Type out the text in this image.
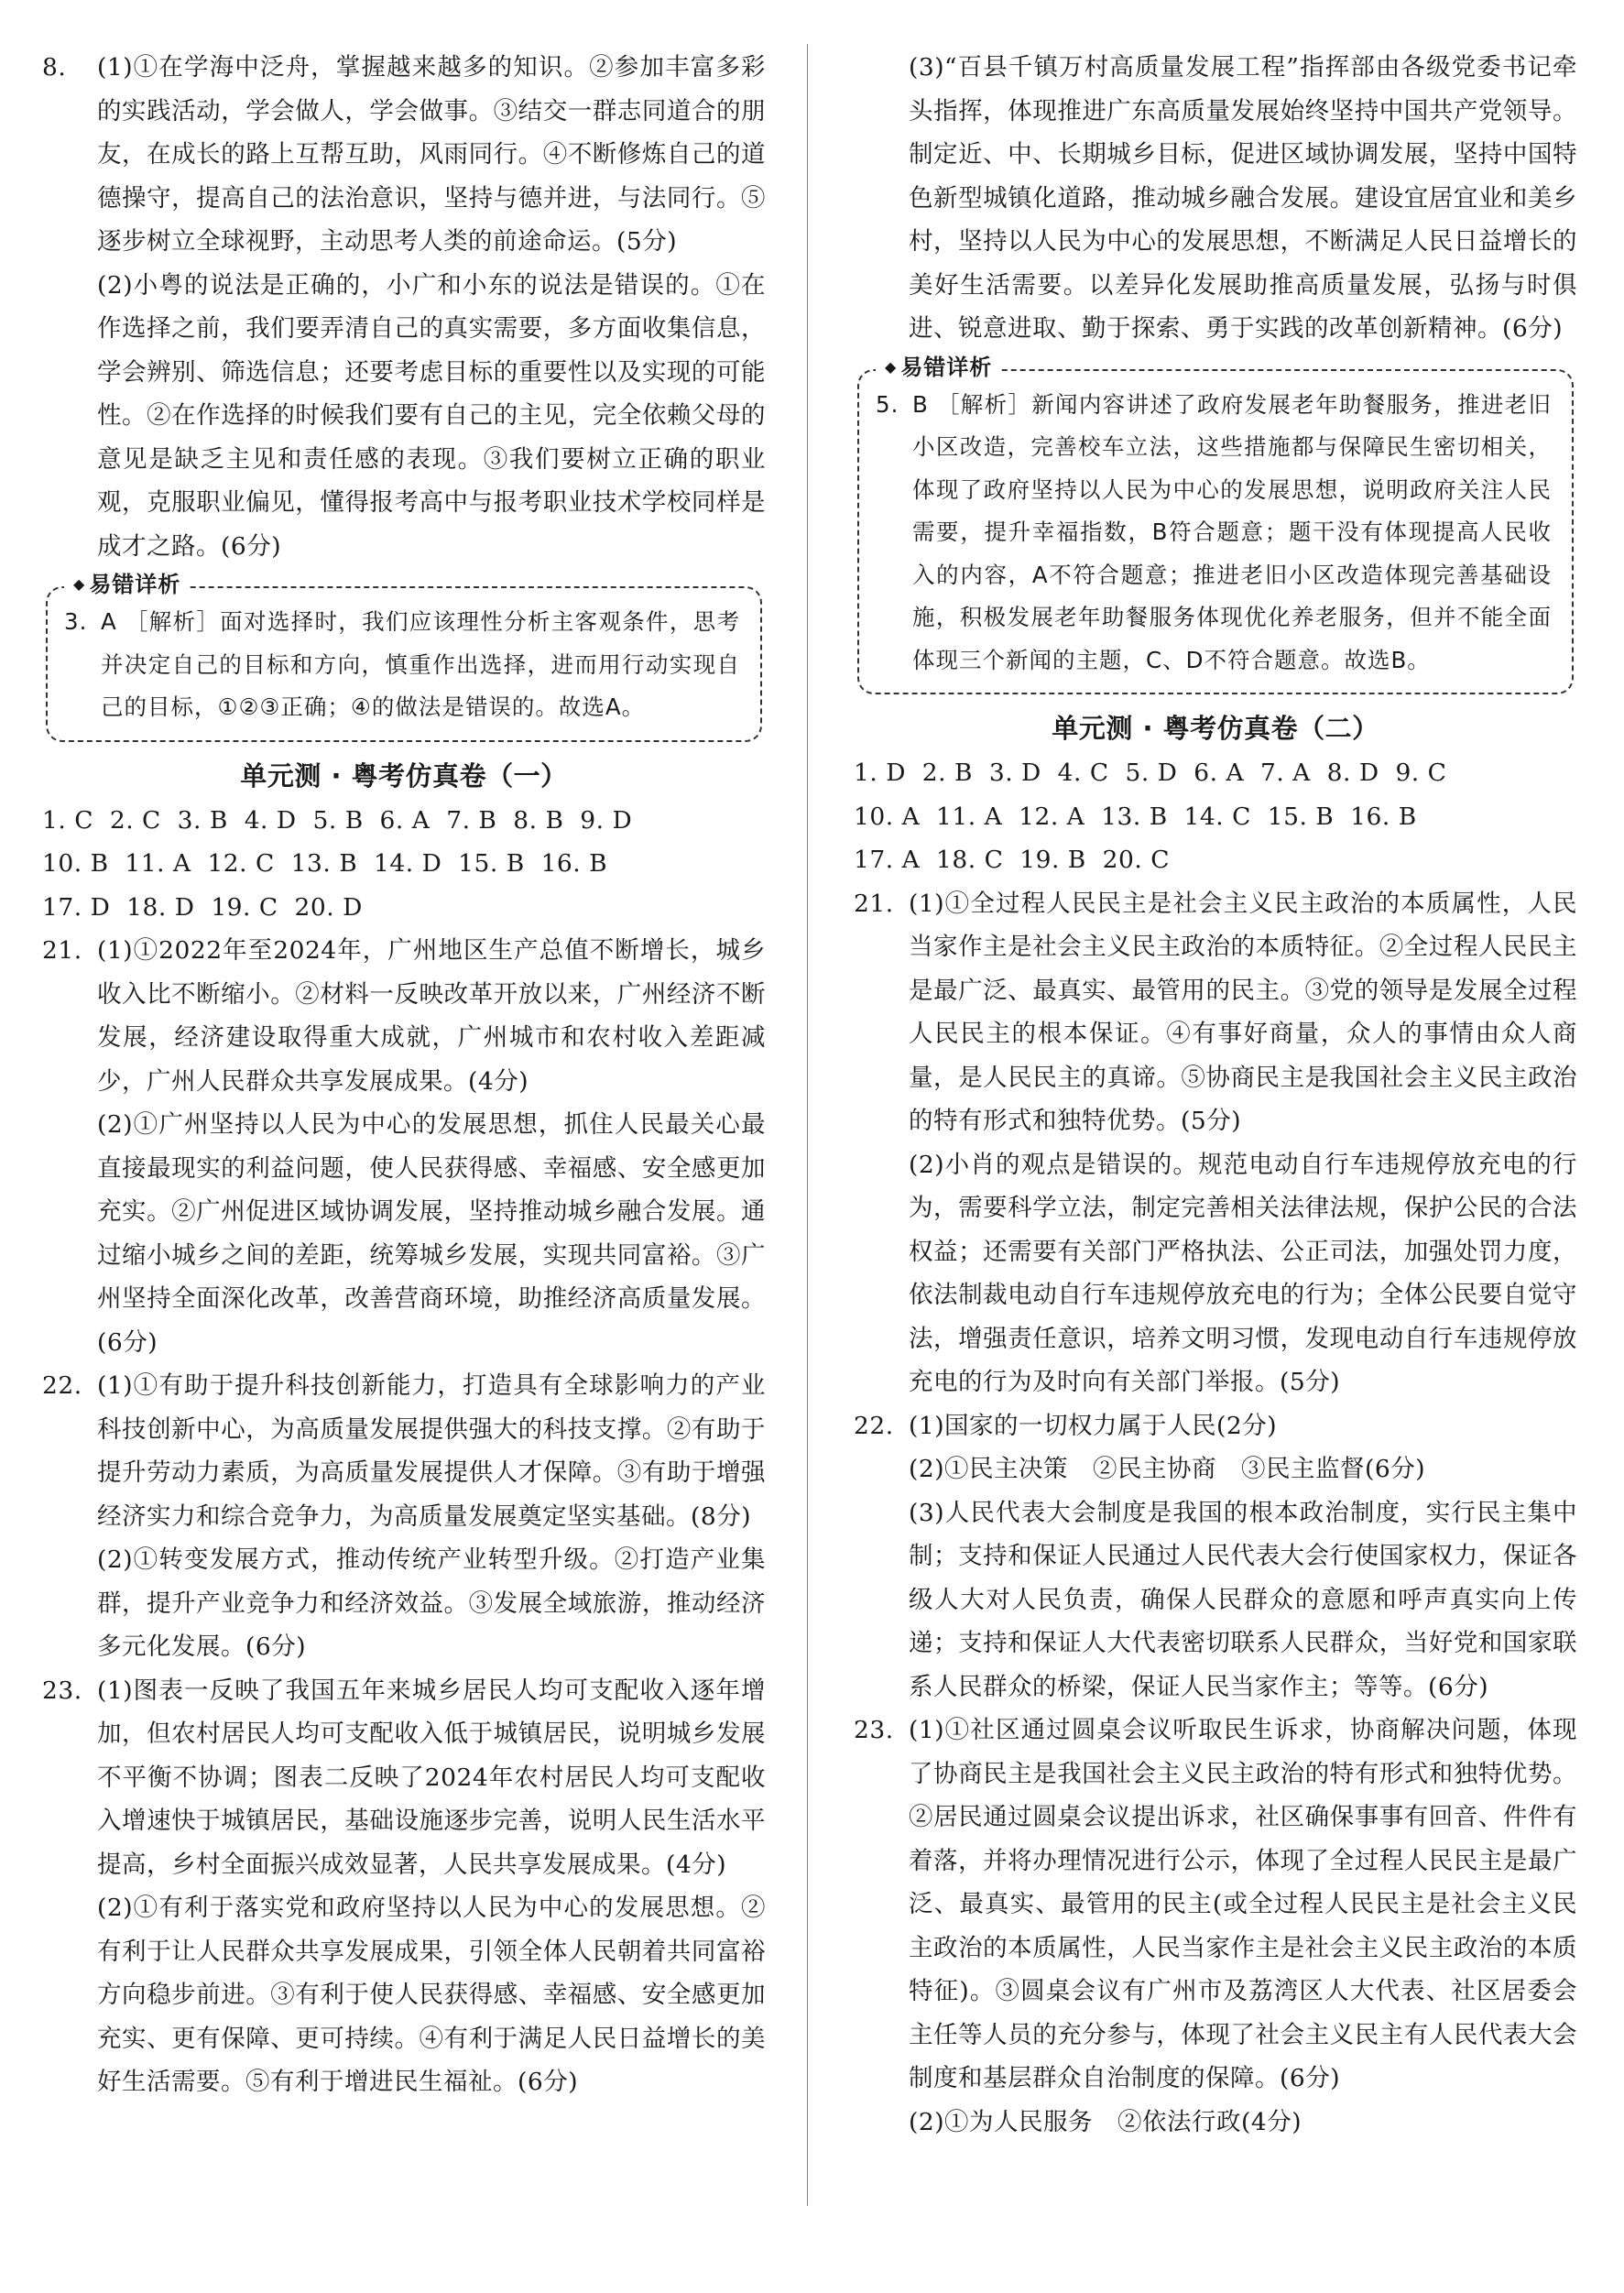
8. (1)①在学海中泛舟，掌握越来越多的知识。②参加丰富多彩的实践活动，学会做人，学会做事。③结交一群志同道合的朋友，在成长的路上互帮互助，风雨同行。④不断修炼自己的道德操守，提高自己的法治意识，坚持与德并进，与法同行。⑤逐步树立全球视野，主动思考人类的前途命运。(5分)

(2)小粤的说法是正确的，小广和小东的说法是错误的。①在作选择之前，我们要弄清自己的真实需要，多方面收集信息，学会辨别、筛选信息；还要考虑目标的重要性以及实现的可能性。②在作选择的时候我们要有自己的主见，完全依赖父母的意见是缺乏主见和责任感的表现。③我们要树立正确的职业观，克服职业偏见，懂得报考高中与报考职业技术学校同样是成才之路。(6分)

◆ 易错详析
3. A ［解析］面对选择时，我们应该理性分析主客观条件，思考并决定自己的目标和方向，慎重作出选择，进而用行动实现自己的目标，①②③正确；④的做法是错误的。故选A。

单元测 · 粤考仿真卷（一）

1. C  2. C  3. B  4. D  5. B  6. A  7. B  8. B  9. D

10. B  11. A  12. C  13. B  14. D  15. B  16. B

17. D  18. D  19. C  20. D

21. (1)①2022年至2024年，广州地区生产总值不断增长，城乡收入比不断缩小。②材料一反映改革开放以来，广州经济不断发展，经济建设取得重大成就，广州城市和农村收入差距减少，广州人民群众共享发展成果。(4分)

(2)①广州坚持以人民为中心的发展思想，抓住人民最关心最直接最现实的利益问题，使人民获得感、幸福感、安全感更加充实。②广州促进区域协调发展，坚持推动城乡融合发展。通过缩小城乡之间的差距，统筹城乡发展，实现共同富裕。③广州坚持全面深化改革，改善营商环境，助推经济高质量发展。(6分)

22. (1)①有助于提升科技创新能力，打造具有全球影响力的产业科技创新中心，为高质量发展提供强大的科技支撑。②有助于提升劳动力素质，为高质量发展提供人才保障。③有助于增强经济实力和综合竞争力，为高质量发展奠定坚实基础。(8分)

(2)①转变发展方式，推动传统产业转型升级。②打造产业集群，提升产业竞争力和经济效益。③发展全域旅游，推动经济多元化发展。(6分)

23. (1)图表一反映了我国五年来城乡居民人均可支配收入逐年增加，但农村居民人均可支配收入低于城镇居民，说明城乡发展不平衡不协调；图表二反映了2024年农村居民人均可支配收入增速快于城镇居民，基础设施逐步完善，说明人民生活水平提高，乡村全面振兴成效显著，人民共享发展成果。(4分)

(2)①有利于落实党和政府坚持以人民为中心的发展思想。②有利于让人民群众共享发展成果，引领全体人民朝着共同富裕方向稳步前进。③有利于使人民获得感、幸福感、安全感更加充实、更有保障、更可持续。④有利于满足人民日益增长的美好生活需要。⑤有利于增进民生福祉。(6分)

(3)“百县千镇万村高质量发展工程”指挥部由各级党委书记牵头指挥，体现推进广东高质量发展始终坚持中国共产党领导。制定近、中、长期城乡目标，促进区域协调发展，坚持中国特色新型城镇化道路，推动城乡融合发展。建设宜居宜业和美乡村，坚持以人民为中心的发展思想，不断满足人民日益增长的美好生活需要。以差异化发展助推高质量发展，弘扬与时俱进、锐意进取、勤于探索、勇于实践的改革创新精神。(6分)

◆ 易错详析
5. B ［解析］新闻内容讲述了政府发展老年助餐服务，推进老旧小区改造，完善校车立法，这些措施都与保障民生密切相关，体现了政府坚持以人民为中心的发展思想，说明政府关注人民需要，提升幸福指数，B符合题意；题干没有体现提高人民收入的内容，A不符合题意；推进老旧小区改造体现完善基础设施，积极发展老年助餐服务体现优化养老服务，但并不能全面体现三个新闻的主题，C、D不符合题意。故选B。

单元测 · 粤考仿真卷（二）

1. D  2. B  3. D  4. C  5. D  6. A  7. A  8. D  9. C

10. A  11. A  12. A  13. B  14. C  15. B  16. B

17. A  18. C  19. B  20. C

21. (1)①全过程人民民主是社会主义民主政治的本质属性，人民当家作主是社会主义民主政治的本质特征。②全过程人民民主是最广泛、最真实、最管用的民主。③党的领导是发展全过程人民民主的根本保证。④有事好商量，众人的事情由众人商量，是人民民主的真谛。⑤协商民主是我国社会主义民主政治的特有形式和独特优势。(5分)

(2)小肖的观点是错误的。规范电动自行车违规停放充电的行为，需要科学立法，制定完善相关法律法规，保护公民的合法权益；还需要有关部门严格执法、公正司法，加强处罚力度，依法制裁电动自行车违规停放充电的行为；全体公民要自觉守法，增强责任意识，培养文明习惯，发现电动自行车违规停放充电的行为及时向有关部门举报。(5分)

22. (1)国家的一切权力属于人民(2分)

(2)①民主决策　②民主协商　③民主监督(6分)

(3)人民代表大会制度是我国的根本政治制度，实行民主集中制；支持和保证人民通过人民代表大会行使国家权力，保证各级人大对人民负责，确保人民群众的意愿和呼声真实向上传递；支持和保证人大代表密切联系人民群众，当好党和国家联系人民群众的桥梁，保证人民当家作主；等等。(6分)

23. (1)①社区通过圆桌会议听取民生诉求，协商解决问题，体现了协商民主是我国社会主义民主政治的特有形式和独特优势。②居民通过圆桌会议提出诉求，社区确保事事有回音、件件有着落，并将办理情况进行公示，体现了全过程人民民主是最广泛、最真实、最管用的民主(或全过程人民民主是社会主义民主政治的本质属性，人民当家作主是社会主义民主政治的本质特征)。③圆桌会议有广州市及荔湾区人大代表、社区居委会主任等人员的充分参与，体现了社会主义民主有人民代表大会制度和基层群众自治制度的保障。(6分)

(2)①为人民服务　②依法行政(4分)
